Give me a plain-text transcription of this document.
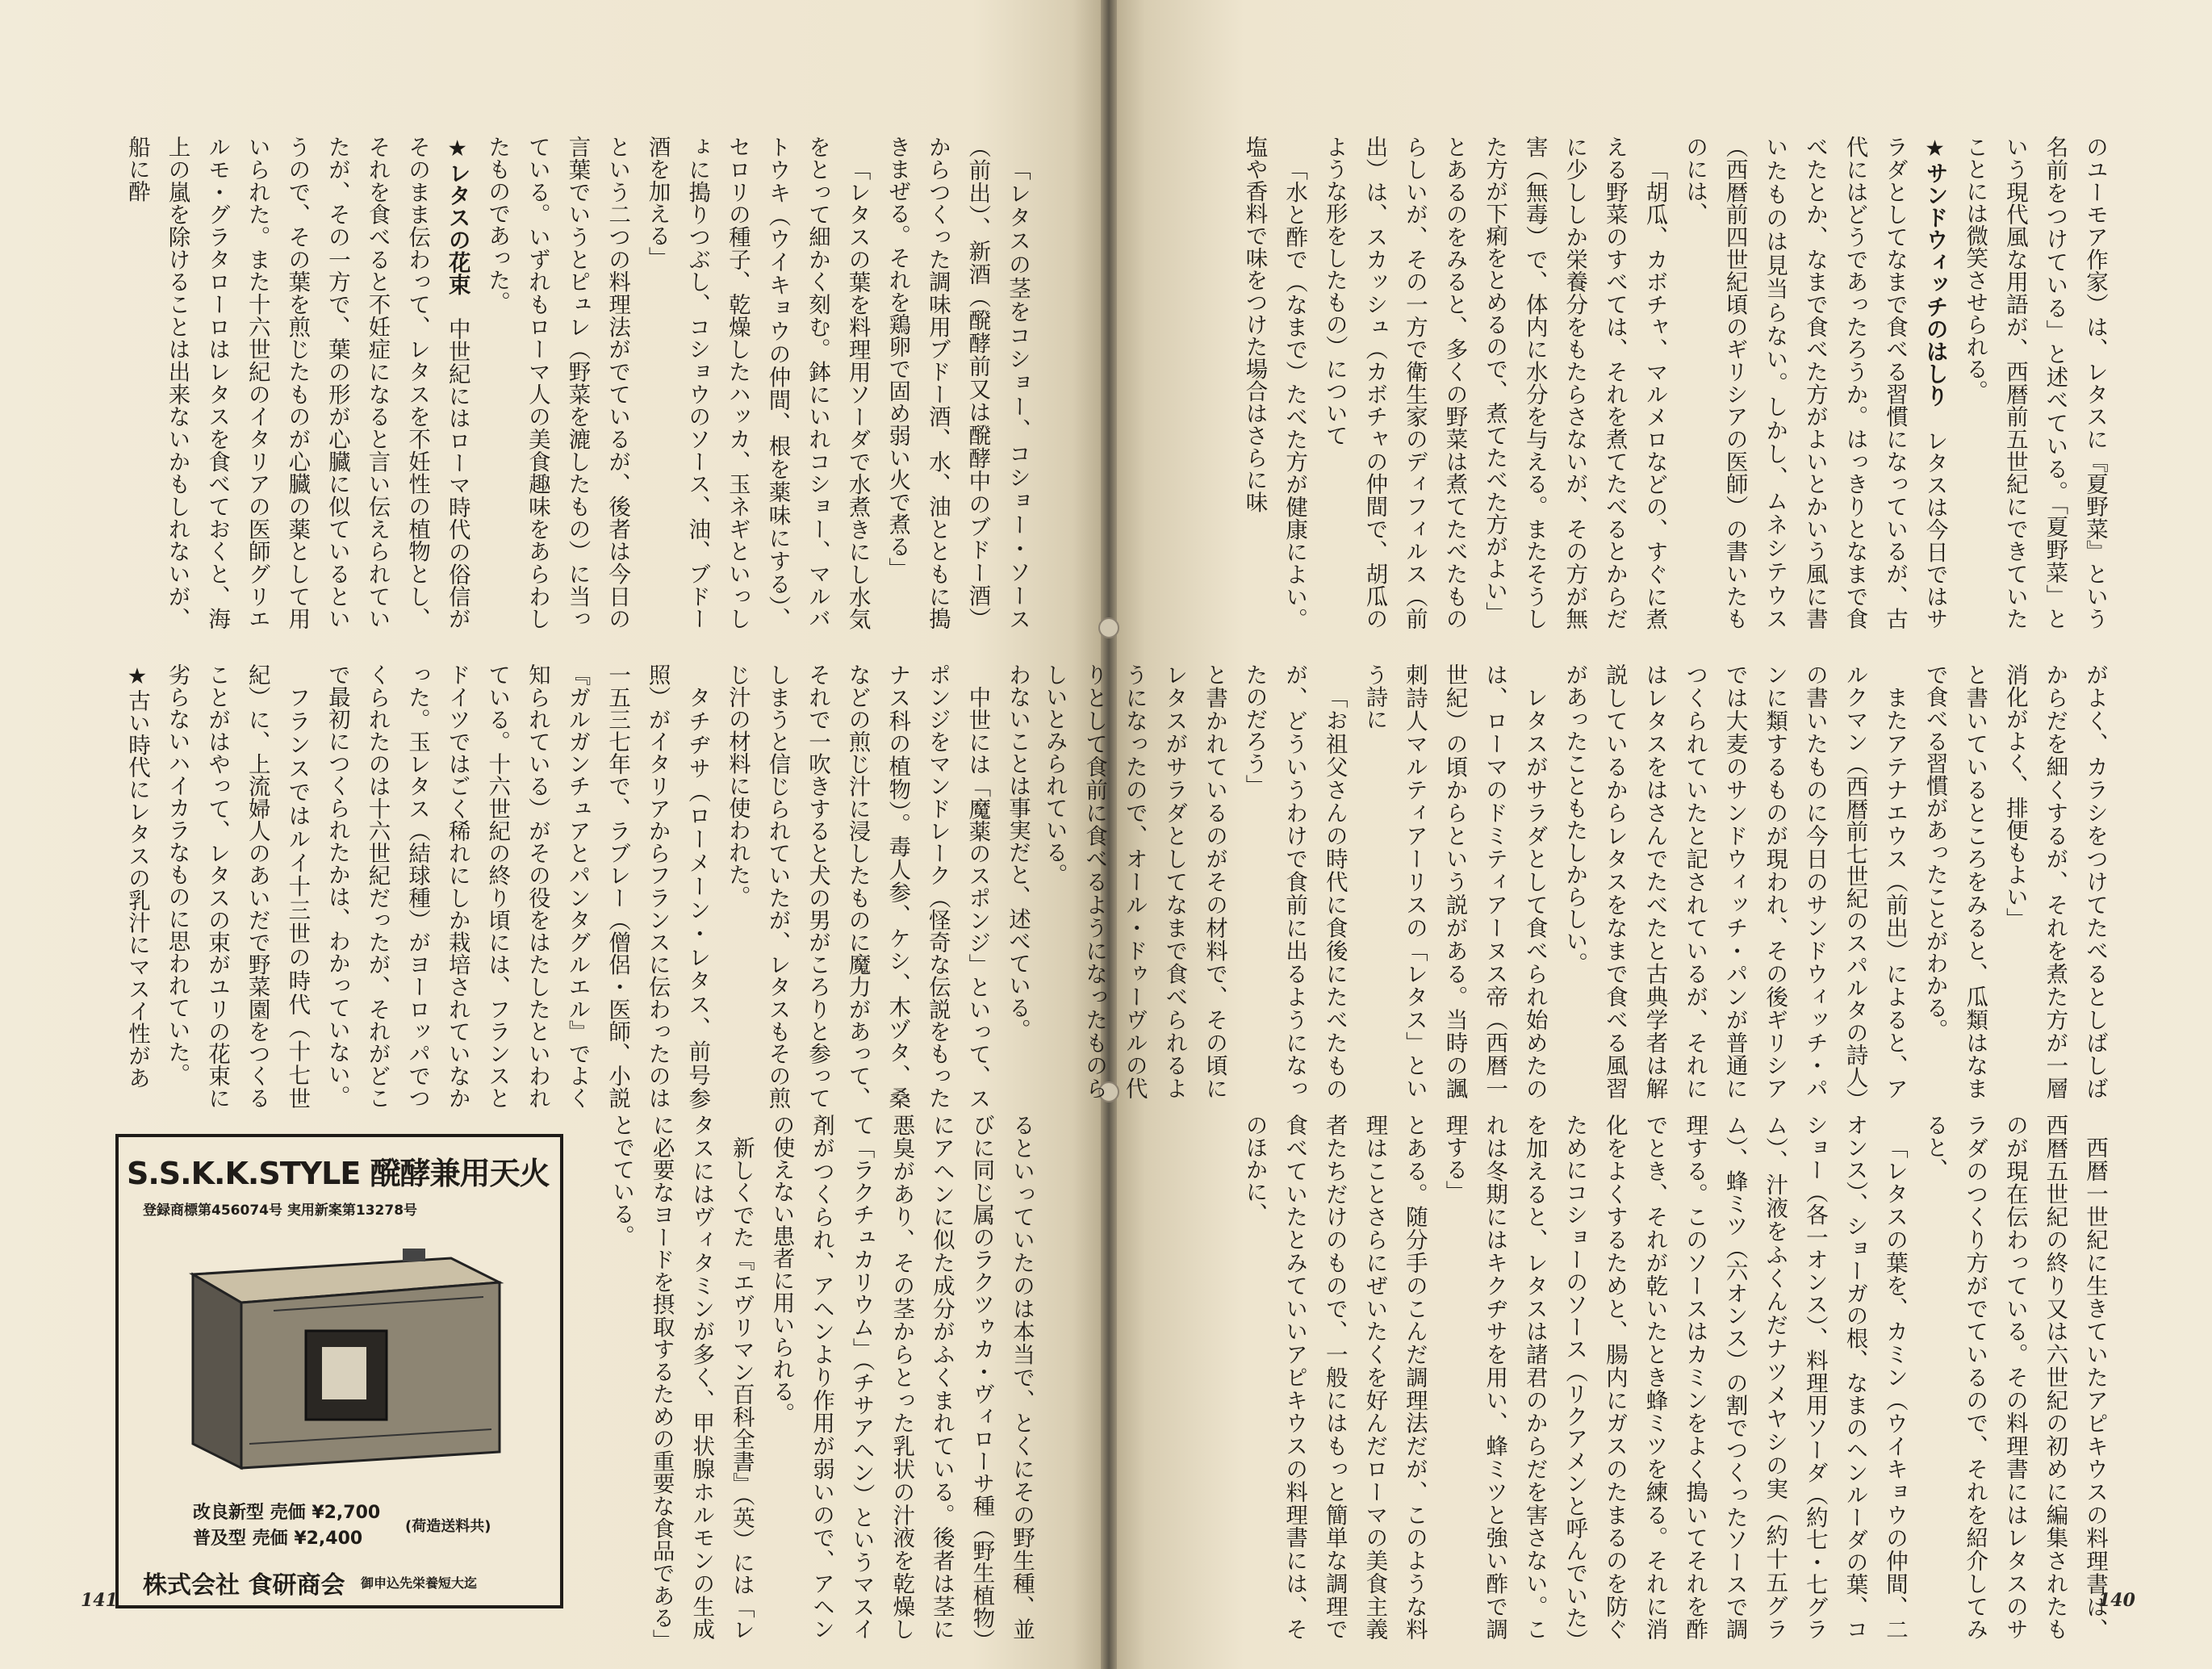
のユーモア作家）は、レタスに『夏野菜』という名前をつけている」と述べている。「夏野菜」という現代風な用語が、西暦前五世紀にできていたことには微笑させられる。

★サンドウィッチのはしり　レタスは今日ではサラダとしてなまで食べる習慣になっているが、古代にはどうであったろうか。はっきりとなまで食べたとか、なまで食べた方がよいとかいう風に書いたものは見当らない。しかし、ムネシテウス（西暦前四世紀頃のギリシアの医師）の書いたものには、

「胡瓜、カボチャ、マルメロなどの、すぐに煮える野菜のすべては、それを煮てたべるとからだに少ししか栄養分をもたらさないが、その方が無害（無毒）で、体内に水分を与える。またそうした方が下痢をとめるので、煮てたべた方がよい」

とあるのをみると、多くの野菜は煮てたべたものらしいが、その一方で衛生家のディフィルス（前出）は、スカッシュ（カボチャの仲間で、胡瓜のような形をしたもの）について

「水と酢で（なまで）たべた方が健康によい。塩や香料で味をつけた場合はさらに味

がよく、カラシをつけてたべるとしばしばからだを細くするが、それを煮た方が一層消化がよく、排便もよい」

と書いているところをみると、瓜類はなまで食べる習慣があったことがわかる。

またアテナエウス（前出）によると、アルクマン（西暦前七世紀のスパルタの詩人）の書いたものに今日のサンドウィッチ・パンに類するものが現われ、その後ギリシアでは大麦のサンドウィッチ・パンが普通につくられていたと記されているが、それにはレタスをはさんでたべたと古典学者は解説しているからレタスをなまで食べる風習があったこともたしからしい。

レタスがサラダとして食べられ始めたのは、ローマのドミティアーヌス帝（西暦一世紀）の頃からという説がある。当時の諷刺詩人マルティアーリスの「レタス」という詩に

「お祖父さんの時代に食後にたべたものが、どういうわけで食前に出るようになったのだろう」

と書かれているのがその材料で、その頃にレタスがサラダとしてなまで食べられるようになったので、オール・ドゥーヴルの代りとして食前に食べるようになったものらしいとみられている。

西暦一世紀に生きていたアピキウスの料理書は、西暦五世紀の終り又は六世紀の初めに編集されたものが現在伝わっている。その料理書にはレタスのサラダのつくり方がでているので、それを紹介してみると、

「レタスの葉を、カミン（ウイキョウの仲間、二オンス）、ショーガの根、なまのヘンルーダの葉、コショー（各一オンス）、料理用ソーダ（約七・七グラム）、汁液をふくんだナツメヤシの実（約十五グラム）、蜂ミツ（六オンス）の割でつくったソースで調理する。このソースはカミンをよく搗いてそれを酢でとき、それが乾いたとき蜂ミツを練る。それに消化をよくするためと、腸内にガスのたまるのを防ぐためにコショーのソース（リクアメンと呼んでいた）を加えると、レタスは諸君のからだを害さない。これは冬期にはキクヂサを用い、蜂ミツと強い酢で調理する」

とある。随分手のこんだ調理法だが、このような料理はことさらにぜいたくを好んだローマの美食主義者たちだけのもので、一般にはもっと簡単な調理で食べていたとみていいアピキウスの料理書には、そのほかに、

「レタスの茎をコショー、コショー・ソース（前出）、新酒（醗酵前又は醗酵中のブドー酒）からつくった調味用ブドー酒、水、油とともに搗きまぜる。それを鶏卵で固め弱い火で煮る」

「レタスの葉を料理用ソーダで水煮きにし水気をとって細かく刻む。鉢にいれコショー、マルバトウキ（ウイキョウの仲間、根を薬味にする）、セロリの種子、乾燥したハッカ、玉ネギといっしょに搗りつぶし、コショウのソース、油、ブドー酒を加える」

という二つの料理法がでているが、後者は今日の言葉でいうとピュレ（野菜を漉したもの）に当っている。いずれもローマ人の美食趣味をあらわしたものであった。

★レタスの花束　中世紀にはローマ時代の俗信がそのまま伝わって、レタスを不妊性の植物とし、それを食べると不妊症になると言い伝えられていたが、その一方で、葉の形が心臓に似ているというので、その葉を煎じたものが心臓の薬として用いられた。また十六世紀のイタリアの医師グリエルモ・グラタローロはレタスを食べておくと、海上の嵐を除けることは出来ないかもしれないが、船に酔

わないことは事実だと、述べている。

中世には「魔薬のスポンジ」といって、スポンジをマンドレーク（怪奇な伝説をもったナス科の植物）。毒人参、ケシ、木ヅタ、桑などの煎じ汁に浸したものに魔力があって、それで一吹きすると犬の男がころりと参ってしまうと信じられていたが、レタスもその煎じ汁の材料に使われた。

タチヂサ（ローメーン・レタス、前号参照）がイタリアからフランスに伝わったのは一五三七年で、ラブレー（僧侶・医師、小説『ガルガンチュアとパンタグルエル』でよく知られている）がその役をはたしたといわれている。十六世紀の終り頃には、フランスとドイツではごく稀れにしか栽培されていなかった。玉レタス（結球種）がヨーロッパでつくられたのは十六世紀だったが、それがどこで最初につくられたかは、わかっていない。

フランスではルイ十三世の時代（十七世紀）に、上流婦人のあいだで野菜園をつくることがはやって、レタスの束がユリの花束に劣らないハイカラなものに思われていた。

★古い時代にレタスの乳汁にマスイ性があ

るといっていたのは本当で、とくにその野生種、並びに同じ属のラクツゥカ・ヴィローサ種（野生植物）にアヘンに似た成分がふくまれている。後者は茎に悪臭があり、その茎からとった乳状の汁液を乾燥して「ラクチュカリウム」（チサアヘン）というマスイ剤がつくられ、アヘンより作用が弱いので、アヘンの使えない患者に用いられる。

新しくでた『エヴリマン百科全書』（英）には「レタスにはヴィタミンが多く、甲状腺ホルモンの生成に必要なヨードを摂取するための重要な食品である」とでている。

S.S.K.K.STYLE 醗酵兼用天火
登録商標第456074号 実用新案第13278号
改良新型 売価 ¥2,700
普及型 売価 ¥2,400
(荷造送料共)
株式会社 食研商会 御申込先栄養短大迄
141	140
